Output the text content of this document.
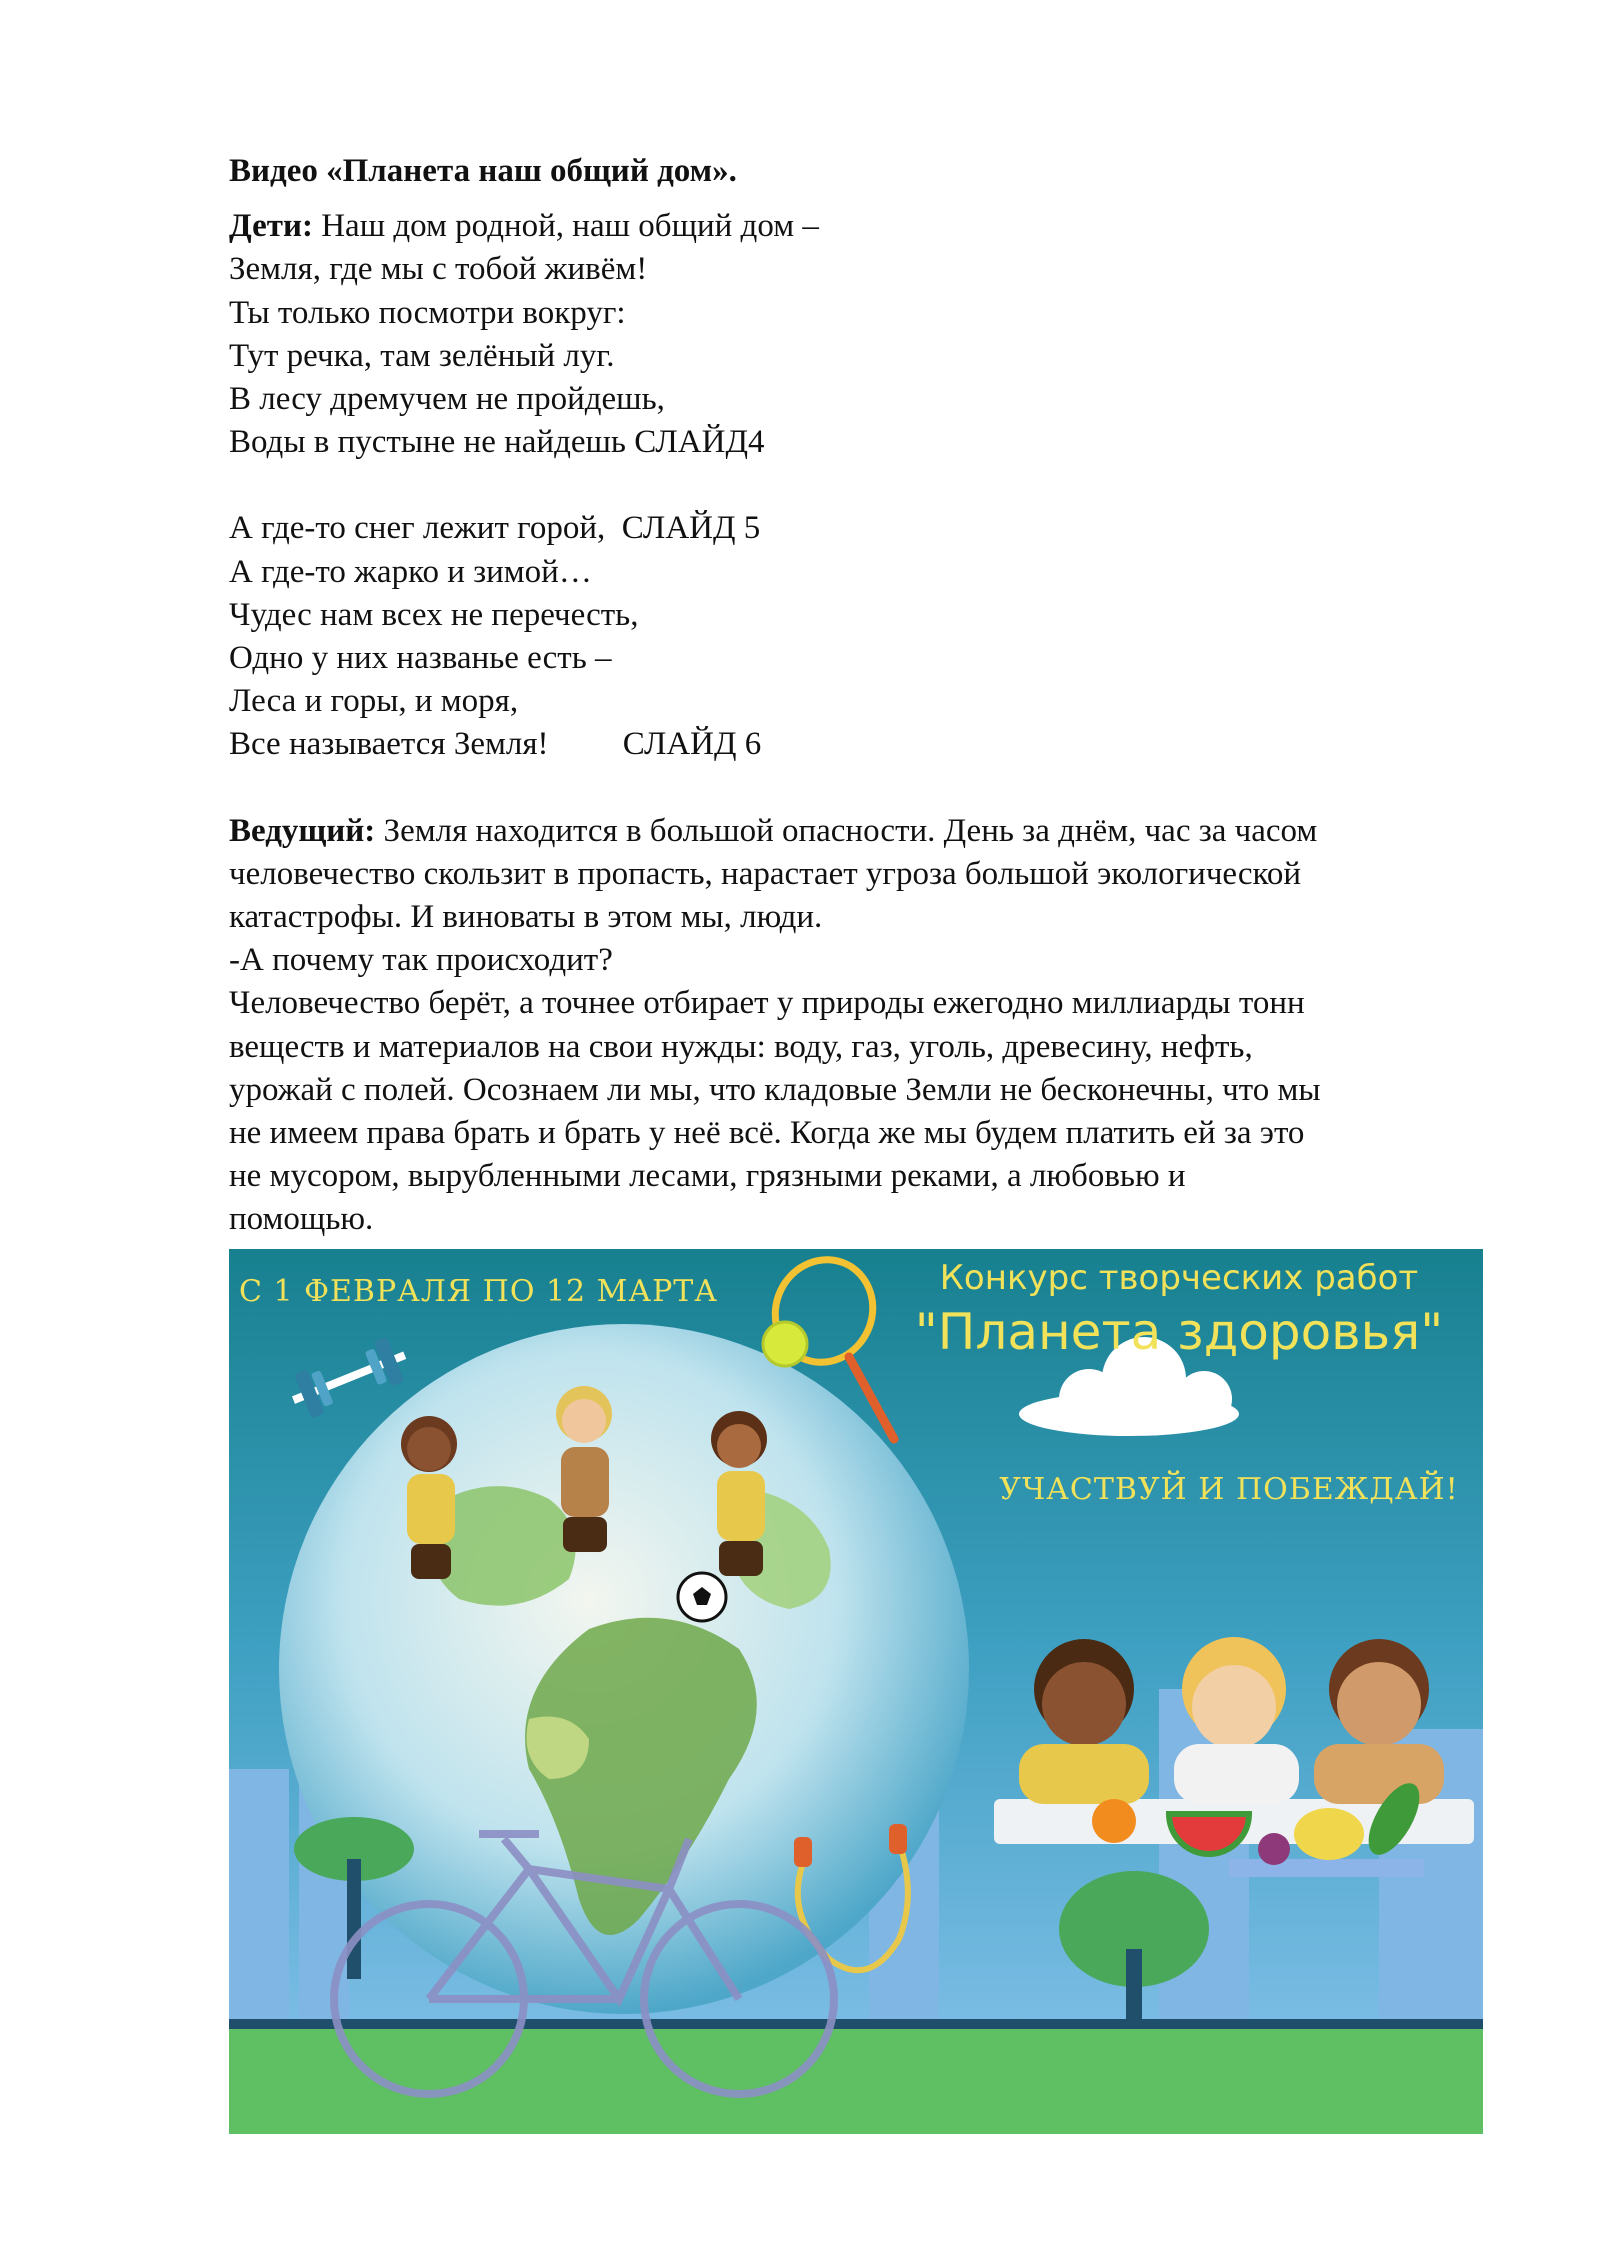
Видео «Планета наш общий дом».
Дети: Наш дом родной, наш общий дом –
Земля, где мы с тобой живём!
Ты только посмотри вокруг:
Тут речка, там зелёный луг.
В лесу дремучем не пройдешь,
Воды в пустыне не найдешь СЛАЙД4
А где-то снег лежит горой,  СЛАЙД 5
А где-то жарко и зимой…
Чудес нам всех не перечесть,
Одно у них названье есть –
Леса и горы, и моря,
Все называется Земля!         СЛАЙД 6
Ведущий: Земля находится в большой опасности. День за днём, час за часом
человечество скользит в пропасть, нарастает угроза большой экологической
катастрофы. И виноваты в этом мы, люди.
-А почему так происходит?
Человечество берёт, а точнее отбирает у природы ежегодно миллиарды тонн
веществ и материалов на свои нужды: воду, газ, уголь, древесину, нефть,
урожай с полей. Осознаем ли мы, что кладовые Земли не бесконечны, что мы
не имеем права брать и брать у неё всё. Когда же мы будем платить ей за это
не мусором, вырубленными лесами, грязными реками, а любовью и
помощью.
С 1 ФЕВРАЛЯ ПО 12 МАРТА	Конкурс творческих работ
"Планета здоровья"
УЧАСТВУЙ И ПОБЕЖДАЙ!
